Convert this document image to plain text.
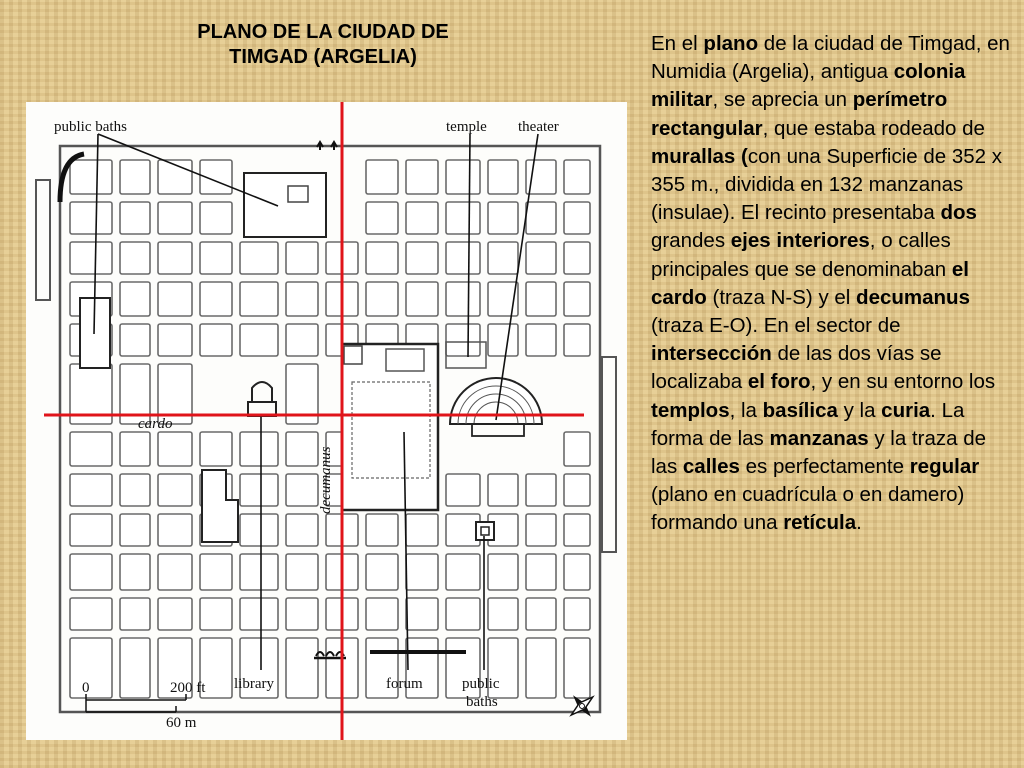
PLANO DE LA CIUDAD DE TIMGAD (ARGELIA)
public baths	temple theater
cardo
decumanus
library	forum	public
baths
0	200 ft
60 m
En el plano de la ciudad de Timgad, en Numidia (Argelia), antigua colonia militar, se aprecia un perímetro rectangular, que estaba rodeado de murallas (con una Superficie de 352 x 355 m., dividida en 132 manzanas (insulae). El recinto presentaba dos grandes ejes interiores, o calles principales que se denominaban el cardo (traza N-S) y el decumanus (traza E-O). En el sector de intersección de las dos vías se localizaba el foro, y en su entorno los templos, la basílica y la curia. La forma de las manzanas y la traza de las calles es perfectamente regular (plano en cuadrícula o en damero) formando una retícula.
